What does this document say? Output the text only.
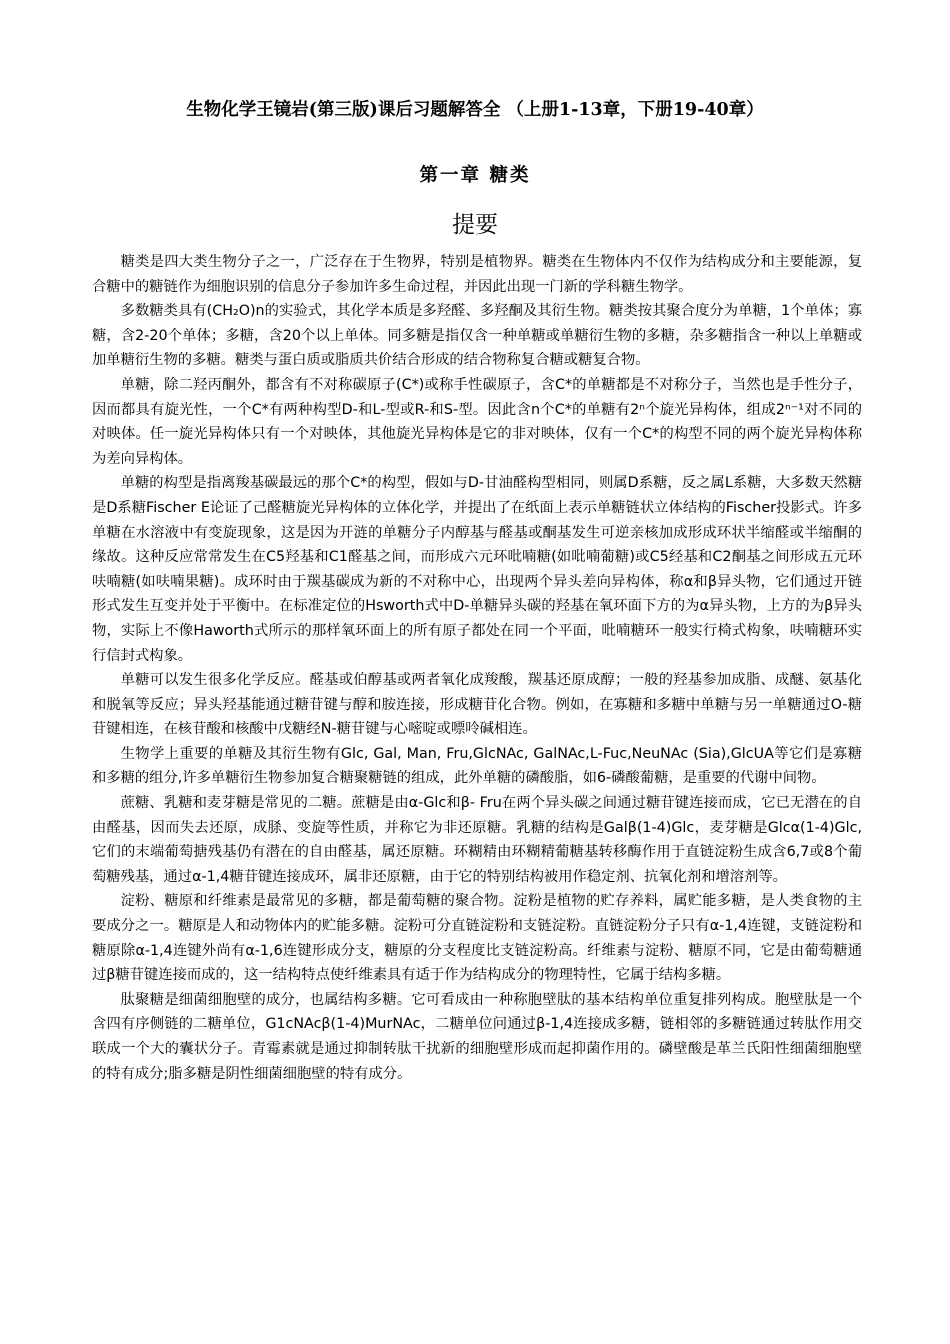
生物化学王镜岩(第三版)课后习题解答全 （上册1-13章，下册19-40章）
第一章 糖类
提要

糖类是四大类生物分子之一，广泛存在于生物界，特别是植物界。糖类在生物体内不仅作为结构成分和主要能源，复合糖中的糖链作为细胞识别的信息分子参加许多生命过程，并因此出现一门新的学科糖生物学。

多数糖类具有(CH₂O)n的实验式，其化学本质是多羟醛、多羟酮及其衍生物。糖类按其聚合度分为单糖，1个单体；寡糖，含2-20个单体；多糖，含20个以上单体。同多糖是指仅含一种单糖或单糖衍生物的多糖，杂多糖指含一种以上单糖或加单糖衍生物的多糖。糖类与蛋白质或脂质共价结合形成的结合物称复合糖或糖复合物。

单糖，除二羟丙酮外，都含有不对称碳原子(C*)或称手性碳原子，含C*的单糖都是不对称分子，当然也是手性分子，因而都具有旋光性，一个C*有两种构型D-和L-型或R-和S-型。因此含n个C*的单糖有2ⁿ个旋光异构体，组成2ⁿ⁻¹对不同的对映体。任一旋光异构体只有一个对映体，其他旋光异构体是它的非对映体，仅有一个C*的构型不同的两个旋光异构体称为差向异构体。

单糖的构型是指离羧基碳最远的那个C*的构型，假如与D-甘油醛构型相同，则属D系糖，反之属L系糖，大多数天然糖是D系糖Fischer E论证了己醛糖旋光异构体的立体化学，并提出了在纸面上表示单糖链状立体结构的Fischer投影式。许多单糖在水溶液中有变旋现象，这是因为开涟的单糖分子内醇基与醛基或酮基发生可逆亲核加成形成环状半缩醛或半缩酮的缘故。这种反应常常发生在C5羟基和C1醛基之间，而形成六元环吡喃糖(如吡喃葡糖)或C5经基和C2酮基之间形成五元环呋喃糖(如呋喃果糖)。成环时由于羰基碳成为新的不对称中心，出现两个异头差向异构体，称α和β异头物，它们通过开链形式发生互变并处于平衡中。在标准定位的Hsworth式中D-单糖异头碳的羟基在氧环面下方的为α异头物，上方的为β异头物，实际上不像Haworth式所示的那样氧环面上的所有原子都处在同一个平面，吡喃糖环一般实行椅式构象，呋喃糖环实行信封式构象。

单糖可以发生很多化学反应。醛基或伯醇基或两者氧化成羧酸，羰基还原成醇；一般的羟基参加成脂、成醚、氨基化和脱氧等反应；异头羟基能通过糖苷键与醇和胺连接，形成糖苷化合物。例如，在寡糖和多糖中单糖与另一单糖通过O-糖苷键相连，在核苷酸和核酸中戊糖经N-糖苷键与心嘧啶或嘌呤碱相连。

生物学上重要的单糖及其衍生物有Glc, Gal, Man, Fru,GlcNAc, GalNAc,L-Fuc,NeuNAc (Sia),GlcUA等它们是寡糖和多糖的组分,许多单糖衍生物参加复合糖聚糖链的组成，此外单糖的磷酸脂，如6-磷酸葡糖，是重要的代谢中间物。

蔗糖、乳糖和麦芽糖是常见的二糖。蔗糖是由α-Glc和β- Fru在两个异头碳之间通过糖苷键连接而成，它已无潜在的自由醛基，因而失去还原，成脎、变旋等性质，并称它为非还原糖。乳糖的结构是Galβ(1-4)Glc，麦芽糖是Glcα(1-4)Glc,它们的末端葡萄搪残基仍有潜在的自由醛基，属还原糖。环糊精由环糊精葡糖基转移酶作用于直链淀粉生成含6,7或8个葡萄糖残基，通过α-1,4糖苷键连接成环，属非还原糖，由于它的特别结构被用作稳定剂、抗氧化剂和增溶剂等。

淀粉、糖原和纤维素是最常见的多糖，都是葡萄糖的聚合物。淀粉是植物的贮存养料，属贮能多糖，是人类食物的主要成分之一。糖原是人和动物体内的贮能多糖。淀粉可分直链淀粉和支链淀粉。直链淀粉分子只有α-1,4连键，支链淀粉和糖原除α-1,4连键外尚有α-1,6连键形成分支，糖原的分支程度比支链淀粉高。纤维素与淀粉、糖原不同，它是由葡萄糖通过β糖苷键连接而成的，这一结构特点使纤维素具有适于作为结构成分的物理特性，它属于结构多糖。

肽聚糖是细菌细胞壁的成分，也属结构多糖。它可看成由一种称胞壁肽的基本结构单位重复排列构成。胞壁肽是一个含四有序侧链的二糖单位，G1cNAcβ(1-4)MurNAc，二糖单位问通过β-1,4连接成多糖，链相邻的多糖链通过转肽作用交联成一个大的囊状分子。青霉素就是通过抑制转肽干扰新的细胞壁形成而起抑菌作用的。磷壁酸是革兰氏阳性细菌细胞壁的特有成分;脂多糖是阴性细菌细胞壁的特有成分。
